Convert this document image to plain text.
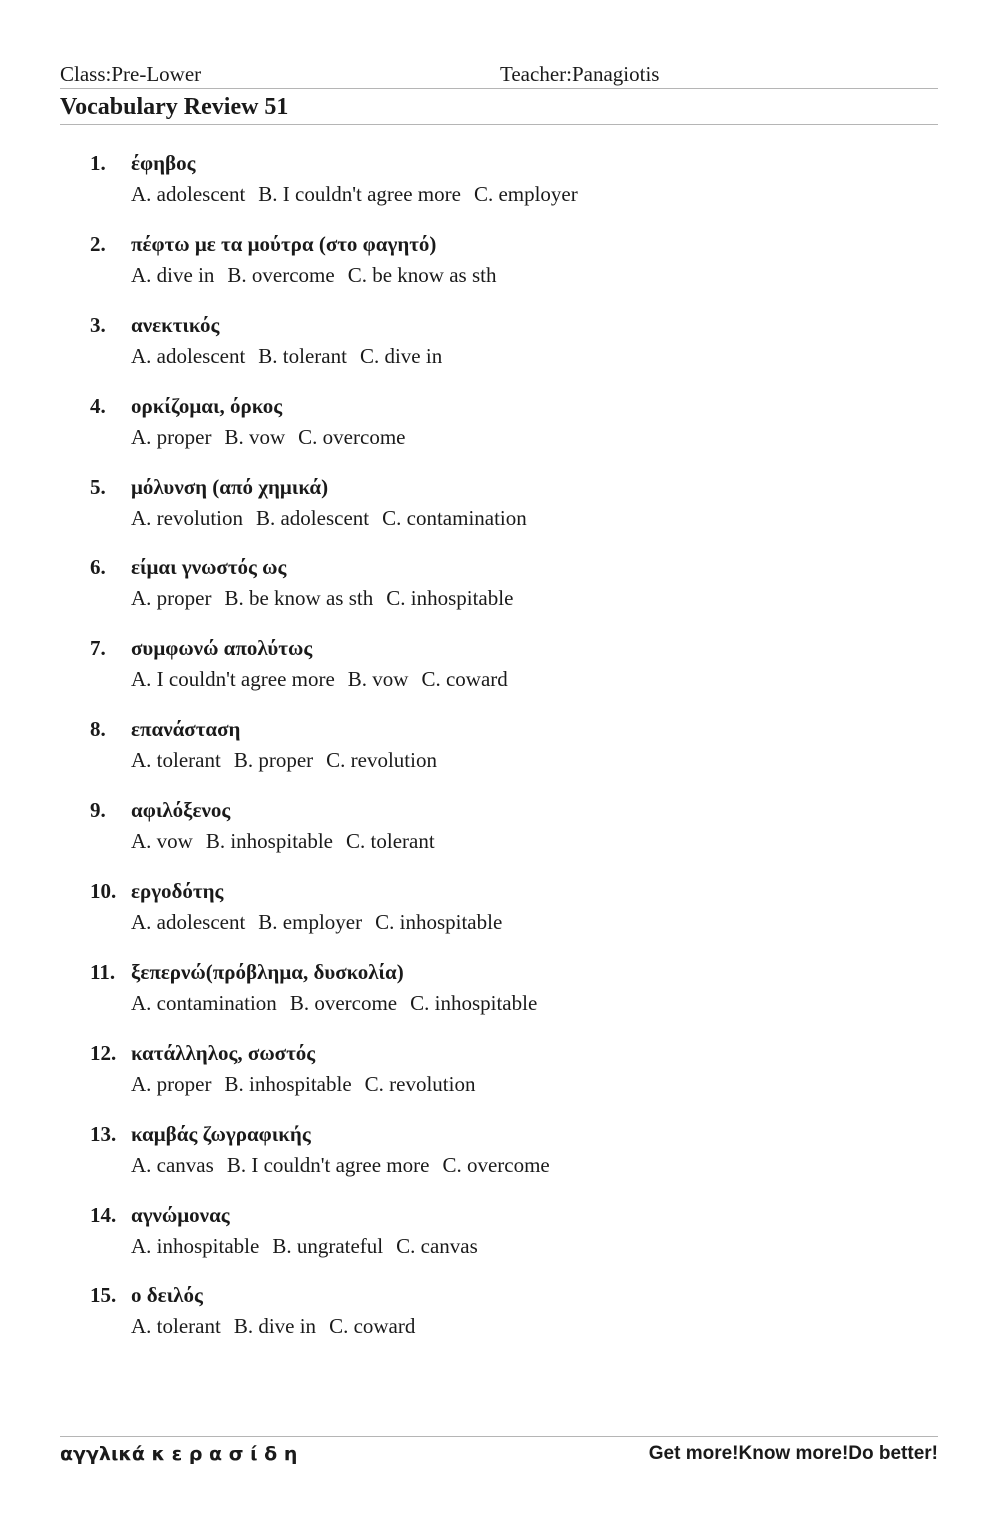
Class:Pre-Lower	Teacher:Panagiotis
Vocabulary Review 51
1. έφηβος
A. adolescent B. I couldn't agree more C. employer
2. πέφτω με τα μούτρα (στο φαγητό)
A. dive in B. overcome C. be know as sth
3. ανεκτικός
A. adolescent B. tolerant C. dive in
4. ορκίζομαι, όρκος
A. proper B. vow C. overcome
5. μόλυνση (από χημικά)
A. revolution B. adolescent C. contamination
6. είμαι γνωστός ως
A. proper B. be know as sth C. inhospitable
7. συμφωνώ απολύτως
A. I couldn't agree more B. vow C. coward
8. επανάσταση
A. tolerant B. proper C. revolution
9. αφιλόξενος
A. vow B. inhospitable C. tolerant
10. εργοδότης
A. adolescent B. employer C. inhospitable
11. ξεπερνώ(πρόβλημα, δυσκολία)
A. contamination B. overcome C. inhospitable
12. κατάλληλος, σωστός
A. proper B. inhospitable C. revolution
13. καμβάς ζωγραφικής
A. canvas B. I couldn't agree more C. overcome
14. αγνώμονας
A. inhospitable B. ungrateful C. canvas
15. ο δειλός
A. tolerant B. dive in C. coward
αγγλικά κ ε ρ α σ ί δ η	Get more!Know more!Do better!
